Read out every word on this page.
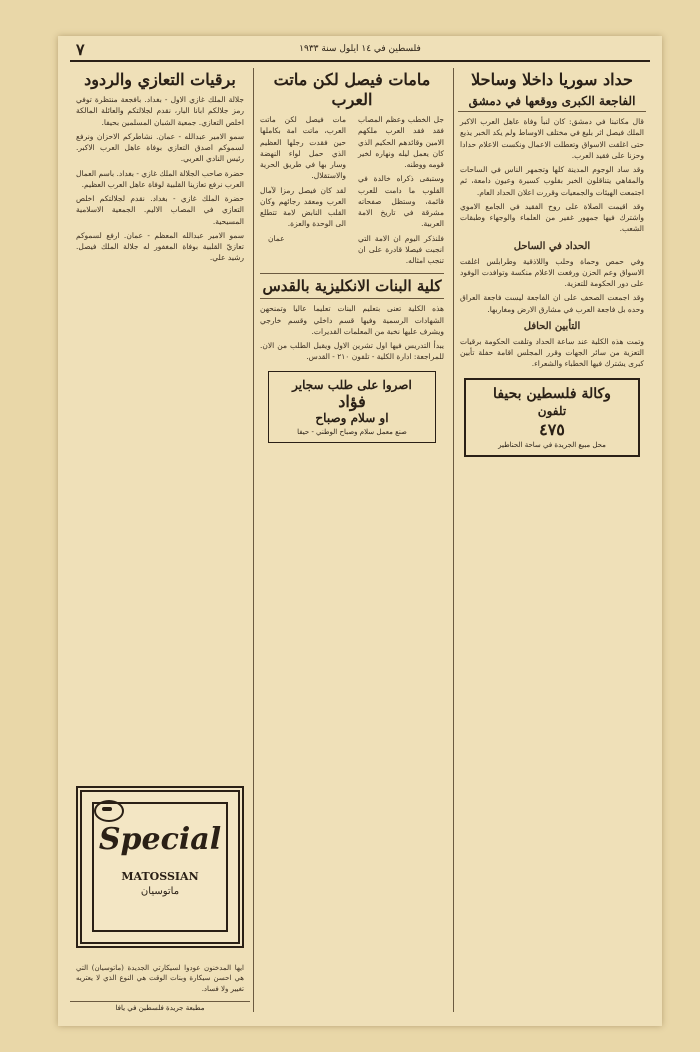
فلسطين في ١٤ ايلول سنة ١٩٣٣
٧
حداد سوريا داخلا وساحلا
الفاجعة الكبرى ووقعها في دمشق

قال مكاتبنا في دمشق: كان لنبأ وفاة عاهل العرب الاكبر الملك فيصل اثر بليغ في مختلف الاوساط ولم يكد الخبر يذيع حتى اغلقت الاسواق وتعطلت الاعمال ونكست الاعلام حدادا وحزنا على فقيد العرب.

وقد ساد الوجوم المدينة كلها وتجمهر الناس في الساحات والمقاهي يتناقلون الخبر بقلوب كسيرة وعيون دامعة، ثم اجتمعت الهيئات والجمعيات وقررت اعلان الحداد العام.

وقد اقيمت الصلاة على روح الفقيد في الجامع الاموي واشترك فيها جمهور غفير من العلماء والوجهاء وطبقات الشعب.

الحداد في الساحل

وفي حمص وحماة وحلب واللاذقية وطرابلس اغلقت الاسواق وعم الحزن ورفعت الاعلام منكسة وتوافدت الوفود على دور الحكومة للتعزية.

وقد اجمعت الصحف على ان الفاجعة ليست فاجعة العراق وحده بل فاجعة العرب في مشارق الارض ومغاربها.

التأبين الحافل

وتمت هذه الكلية عند ساعة الحداد وتلقت الحكومة برقيات التعزية من سائر الجهات وقرر المجلس اقامة حفلة تأبين كبرى يشترك فيها الخطباء والشعراء.

وكالة فلسطين بحيفا
تلفون
٤٧٥
محل مبيع الجريدة في ساحة الحناطير
مامات فيصل لكن ماتت العرب

جل الخطب وعظم المصاب فقد فقد العرب ملكهم الامين وقائدهم الحكيم الذي كان يعمل ليله ونهاره لخير قومه ووطنه.

وستبقى ذكراه خالدة في القلوب ما دامت للعرب قائمة، وستظل صفحاته مشرقة في تاريخ الامة العربية.

فلنذكر اليوم ان الامة التي انجبت فيصلا قادرة على ان تنجب امثاله.

مات فيصل لكن ماتت العرب، ماتت امة بكاملها حين فقدت رجلها العظيم الذي حمل لواء النهضة وسار بها في طريق الحرية والاستقلال.

لقد كان فيصل رمزا لآمال العرب ومعقد رجائهم وكان القلب النابض لامة تتطلع الى الوحدة والعزة.

عمان
كلية البنات الانكليزية بالقدس

هذه الكلية تعنى بتعليم البنات تعليما عاليا وتمنحهن الشهادات الرسمية وفيها قسم داخلي وقسم خارجي ويشرف عليها نخبة من المعلمات القديرات.

يبدأ التدريس فيها اول تشرين الاول ويقبل الطلب من الان. للمراجعة: ادارة الكلية - تلفون ٢١٠ - القدس.

اصروا على طلب سجاير
فؤاد
او سلام وصباح
صنع معمل سلام وصباح الوطني - حيفا
برقيات التعازي والردود

جلالة الملك غازي الاول - بغداد. بافجعة منتظرة توفي رمز جلالكم ابانا البار، نقدم لجلالتكم والعائلة المالكة اخلص التعازي. جمعية الشبان المسلمين بحيفا.

سمو الامير عبدالله - عمان. نشاطركم الاحزان ونرفع لسموكم اصدق التعازي بوفاة عاهل العرب الاكبر. رئيس النادي العربي.

حضرة صاحب الجلالة الملك غازي - بغداد. باسم العمال العرب نرفع تعازينا القلبية لوفاة عاهل العرب العظيم.

حضرة الملك غازي - بغداد. نقدم لجلالتكم اخلص التعازي في المصاب الاليم. الجمعية الاسلامية المسيحية.

سمو الامير عبدالله المعظم - عمان. ارفع لسموكم تعازيّ القلبية بوفاة المغفور له جلالة الملك فيصل. رشيد علي.

Special
MATOSSIAN
ماتوسيان
ايها المدخنون عودوا لسيكارتي الجديدة (ماتوسيان) التي هي احسن سيكارة وبنات الوقت هي النوع الذي لا يعتريه تغيير ولا فساد.
مطبعة جريدة فلسطين في يافا
